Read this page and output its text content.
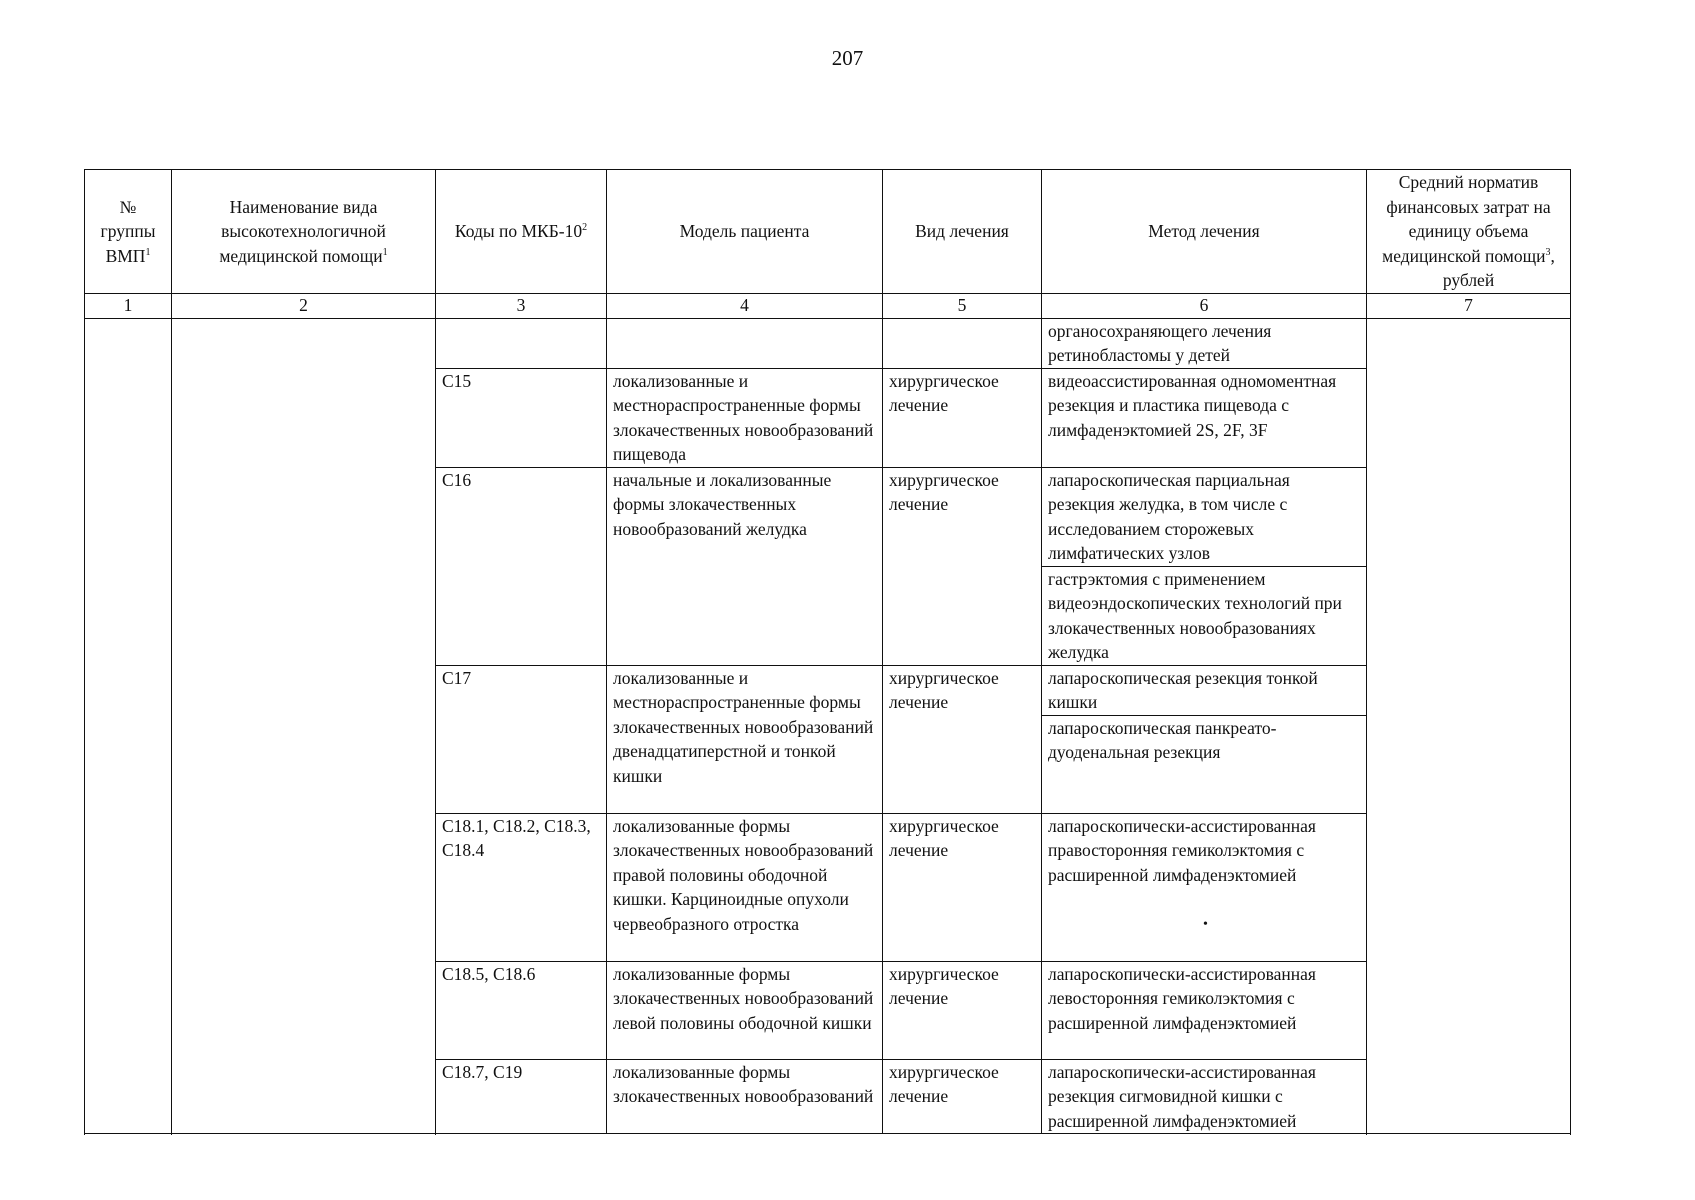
207
№ группы ВМП$^1$	Наименование вида высокотехнологичной медицинской помощи$^1$	Коды по МКБ-$10^2$	Модель пациента	Вид лечения	Метод лечения	Средний норматив финансовых затрат на единицу объема медицинской помощи$^3$, рублей
1	2	3	4	5	6	7
					органосохраняющего лечения ретинобластомы у детей	
		C15	локализованные и местнораспространенные формы злокачественных новообразований пищевода	хирургическое лечение	видеоассистированная одномоментная резекция и пластика пищевода с лимфаденэктомией 2S, 2F, 3F	
		C16	начальные и локализованные формы злокачественных новообразований желудка	хирургическое лечение	лапароскопическая парциальная резекция желудка, в том числе с исследованием сторожевых лимфатических узлов	
					гастрэктомия с применением видеоэндоскопических технологий при злокачественных новообразованиях желудка	
		C17	локализованные и местнораспространенные формы злокачественных новообразований двенадцатиперстной и тонкой кишки	хирургическое лечение	лапароскопическая резекция тонкой кишки	
					лапароскопическая панкреато-дуоденальная резекция	
		C18.1, C18.2, C18.3, C18.4	локализованные формы злокачественных новообразований правой половины ободочной кишки. Карциноидные опухоли червеобразного отростка	хирургическое лечение	лапароскопически-ассистированная правосторонняя гемиколэктомия с расширенной лимфаденэктомией	
		C18.5, C18.6	локализованные формы злокачественных новообразований левой половины ободочной кишки	хирургическое лечение	лапароскопически-ассистированная левосторонняя гемиколэктомия с расширенной лимфаденэктомией	
		C18.7, C19	локализованные формы злокачественных новообразований	хирургическое лечение	лапароскопически-ассистированная резекция сигмовидной кишки с расширенной лимфаденэктомией	

•
